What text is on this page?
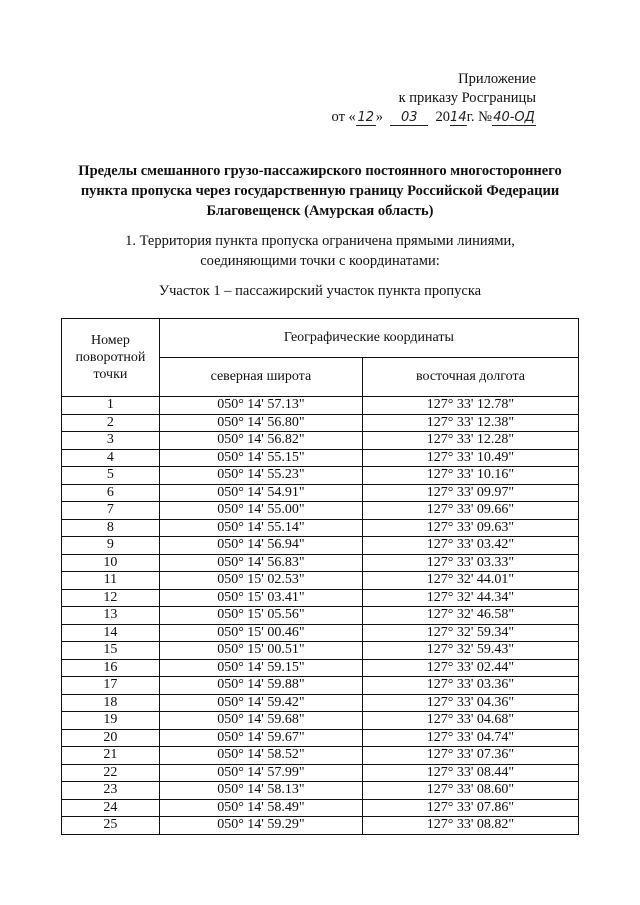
Приложение
к приказу Росграницы
от « 12 » 03 2014г. №40-ОД
Пределы смешанного грузо-пассажирского постоянного многостороннего
пункта пропуска через государственную границу Российской Федерации
Благовещенск (Амурская область)
1. Территория пункта пропуска ограничена прямыми линиями,
соединяющими точки с координатами:
Участок 1 – пассажирский участок пункта пропуска
Номер поворотной точки	Географические координаты	
	северная широта	восточная долгота
1	050° 14' 57.13"	127° 33' 12.78"
2	050° 14' 56.80"	127° 33' 12.38"
3	050° 14' 56.82"	127° 33' 12.28"
4	050° 14' 55.15"	127° 33' 10.49"
5	050° 14' 55.23"	127° 33' 10.16"
6	050° 14' 54.91"	127° 33' 09.97"
7	050° 14' 55.00"	127° 33' 09.66"
8	050° 14' 55.14"	127° 33' 09.63"
9	050° 14' 56.94"	127° 33' 03.42"
10	050° 14' 56.83"	127° 33' 03.33"
11	050° 15' 02.53"	127° 32' 44.01"
12	050° 15' 03.41"	127° 32' 44.34"
13	050° 15' 05.56"	127° 32' 46.58"
14	050° 15' 00.46"	127° 32' 59.34"
15	050° 15' 00.51"	127° 32' 59.43"
16	050° 14' 59.15"	127° 33' 02.44"
17	050° 14' 59.88"	127° 33' 03.36"
18	050° 14' 59.42"	127° 33' 04.36"
19	050° 14' 59.68"	127° 33' 04.68"
20	050° 14' 59.67"	127° 33' 04.74"
21	050° 14' 58.52"	127° 33' 07.36"
22	050° 14' 57.99"	127° 33' 08.44"
23	050° 14' 58.13"	127° 33' 08.60"
24	050° 14' 58.49"	127° 33' 07.86"
25	050° 14' 59.29"	127° 33' 08.82"
